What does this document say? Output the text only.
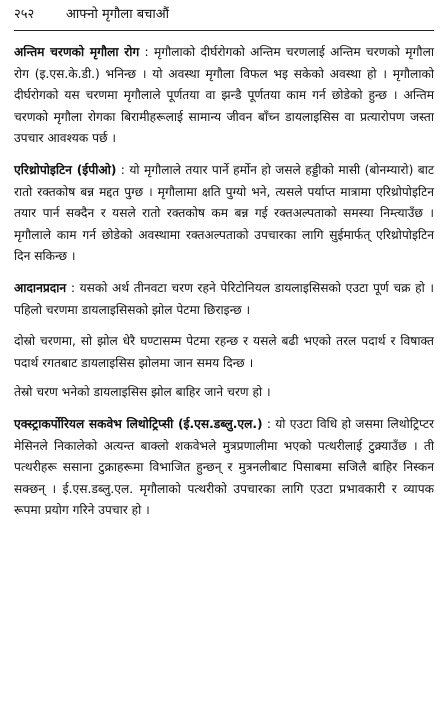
२५२ आफ्नो मृगौला बचाऔं

अन्तिम चरणको मृगौला रोग : मृगौलाको दीर्घरोगको अन्तिम चरणलाई अन्तिम चरणको मृगौला रोग (इ.एस.के.डी.) भनिन्छ । यो अवस्था मृगौला विफल भइ सकेको अवस्था हो । मृगौलाको दीर्घरोगको यस चरणमा मृगौलाले पूर्णतया वा झन्डै पूर्णतया काम गर्न छोडेको हुन्छ । अन्तिम चरणको मृगौला रोगका बिरामीहरूलाई सामान्य जीवन बाँच्न डायलाइसिस वा प्रत्यारोपण जस्ता उपचार आवश्यक पर्छ ।

एरिथ्रोपोइटिन (ईपीओ) : यो मृगौलाले तयार पार्ने हर्मोन हो जसले हड्डीको मासी (बोनम्यारो) बाट रातो रक्तकोष बन्न मद्दत पुग्छ । मृगौलामा क्षति पुग्यो भने, त्यसले पर्याप्त मात्रामा एरिथ्रोपोइटिन तयार पार्न सक्दैन र यसले रातो रक्तकोष कम बन्न गई रक्तअल्पताको समस्या निम्त्याउँछ । मृगौलाले काम गर्न छोडेको अवस्थामा रक्तअल्पताको उपचारका लागि सुईमार्फत् एरिथ्रोपोइटिन दिन सकिन्छ ।

आदानप्रदान : यसको अर्थ तीनवटा चरण रहने पेरिटोनियल डायलाइसिसको एउटा पूर्ण चक्र हो । पहिलो चरणमा डायलाइसिसको झोल पेटमा छिराइन्छ ।

दोस्रो चरणमा, सो झोल धेरै घण्टासम्म पेटमा रहन्छ र यसले बढी भएको तरल पदार्थ र विषाक्त पदार्थ रगतबाट डायलाइसिस झोलमा जान समय दिन्छ ।

तेस्रो चरण भनेको डायलाइसिस झोल बाहिर जाने चरण हो ।

एक्स्ट्राकर्पोरियल सकवेभ लिथोट्रिप्सी (ई.एस.डब्लु.एल.) : यो एउटा विधि हो जसमा लिथोट्रिप्टर मेसिनले निकालेको अत्यन्त बाक्लो शकवेभले मुत्रप्रणालीमा भएको पत्थरीलाई टुक्र्याउँछ । ती पत्थरीहरू ससाना टुक्राहरूमा विभाजित हुन्छन् र मुत्रनलीबाट पिसाबमा सजिलै बाहिर निस्कन सक्छन् । ई.एस.डब्लु.एल. मृगौलाको पत्थरीको उपचारका लागि एउटा प्रभावकारी र व्यापक रूपमा प्रयोग गरिने उपचार हो ।
